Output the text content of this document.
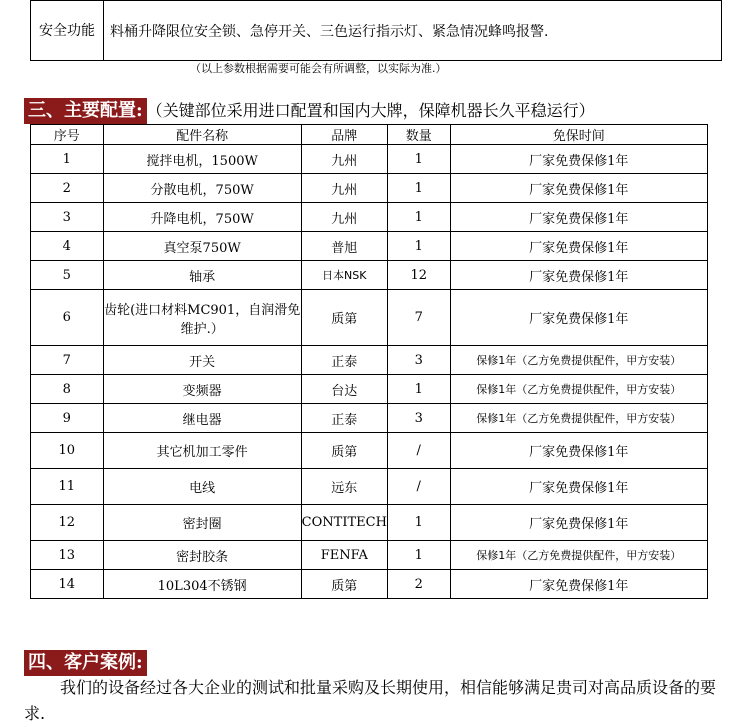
安全功能	料桶升降限位安全锁、急停开关、三色运行指示灯、紧急情况蜂鸣报警.
（以上参数根据需要可能会有所调整，以实际为准.）
三、主要配置: （关键部位采用进口配置和国内大牌，保障机器长久平稳运行）
序号	配件名称	品牌	数量	免保时间
1	搅拌电机，1500W	九州	1	厂家免费保修1年
2	分散电机，750W	九州	1	厂家免费保修1年
3	升降电机，750W	九州	1	厂家免费保修1年
4	真空泵750W	普旭	1	厂家免费保修1年
5	轴承	日本NSK	12	厂家免费保修1年
6	齿轮(进口材料MC901，自润滑免维护.）	质第	7	厂家免费保修1年
7	开关	正泰	3	保修1年（乙方免费提供配件，甲方安装）
8	变频器	台达	1	保修1年（乙方免费提供配件，甲方安装）
9	继电器	正泰	3	保修1年（乙方免费提供配件，甲方安装）
10	其它机加工零件	质第	/	厂家免费保修1年
11	电线	远东	/	厂家免费保修1年
12	密封圈	CONTITECH	1	厂家免费保修1年
13	密封胶条	FENFA	1	保修1年（乙方免费提供配件，甲方安装）
14	10L304不锈钢	质第	2	厂家免费保修1年
四、客户案例:
我们的设备经过各大企业的测试和批量采购及长期使用，相信能够满足贵司对高品质设备的要求.
